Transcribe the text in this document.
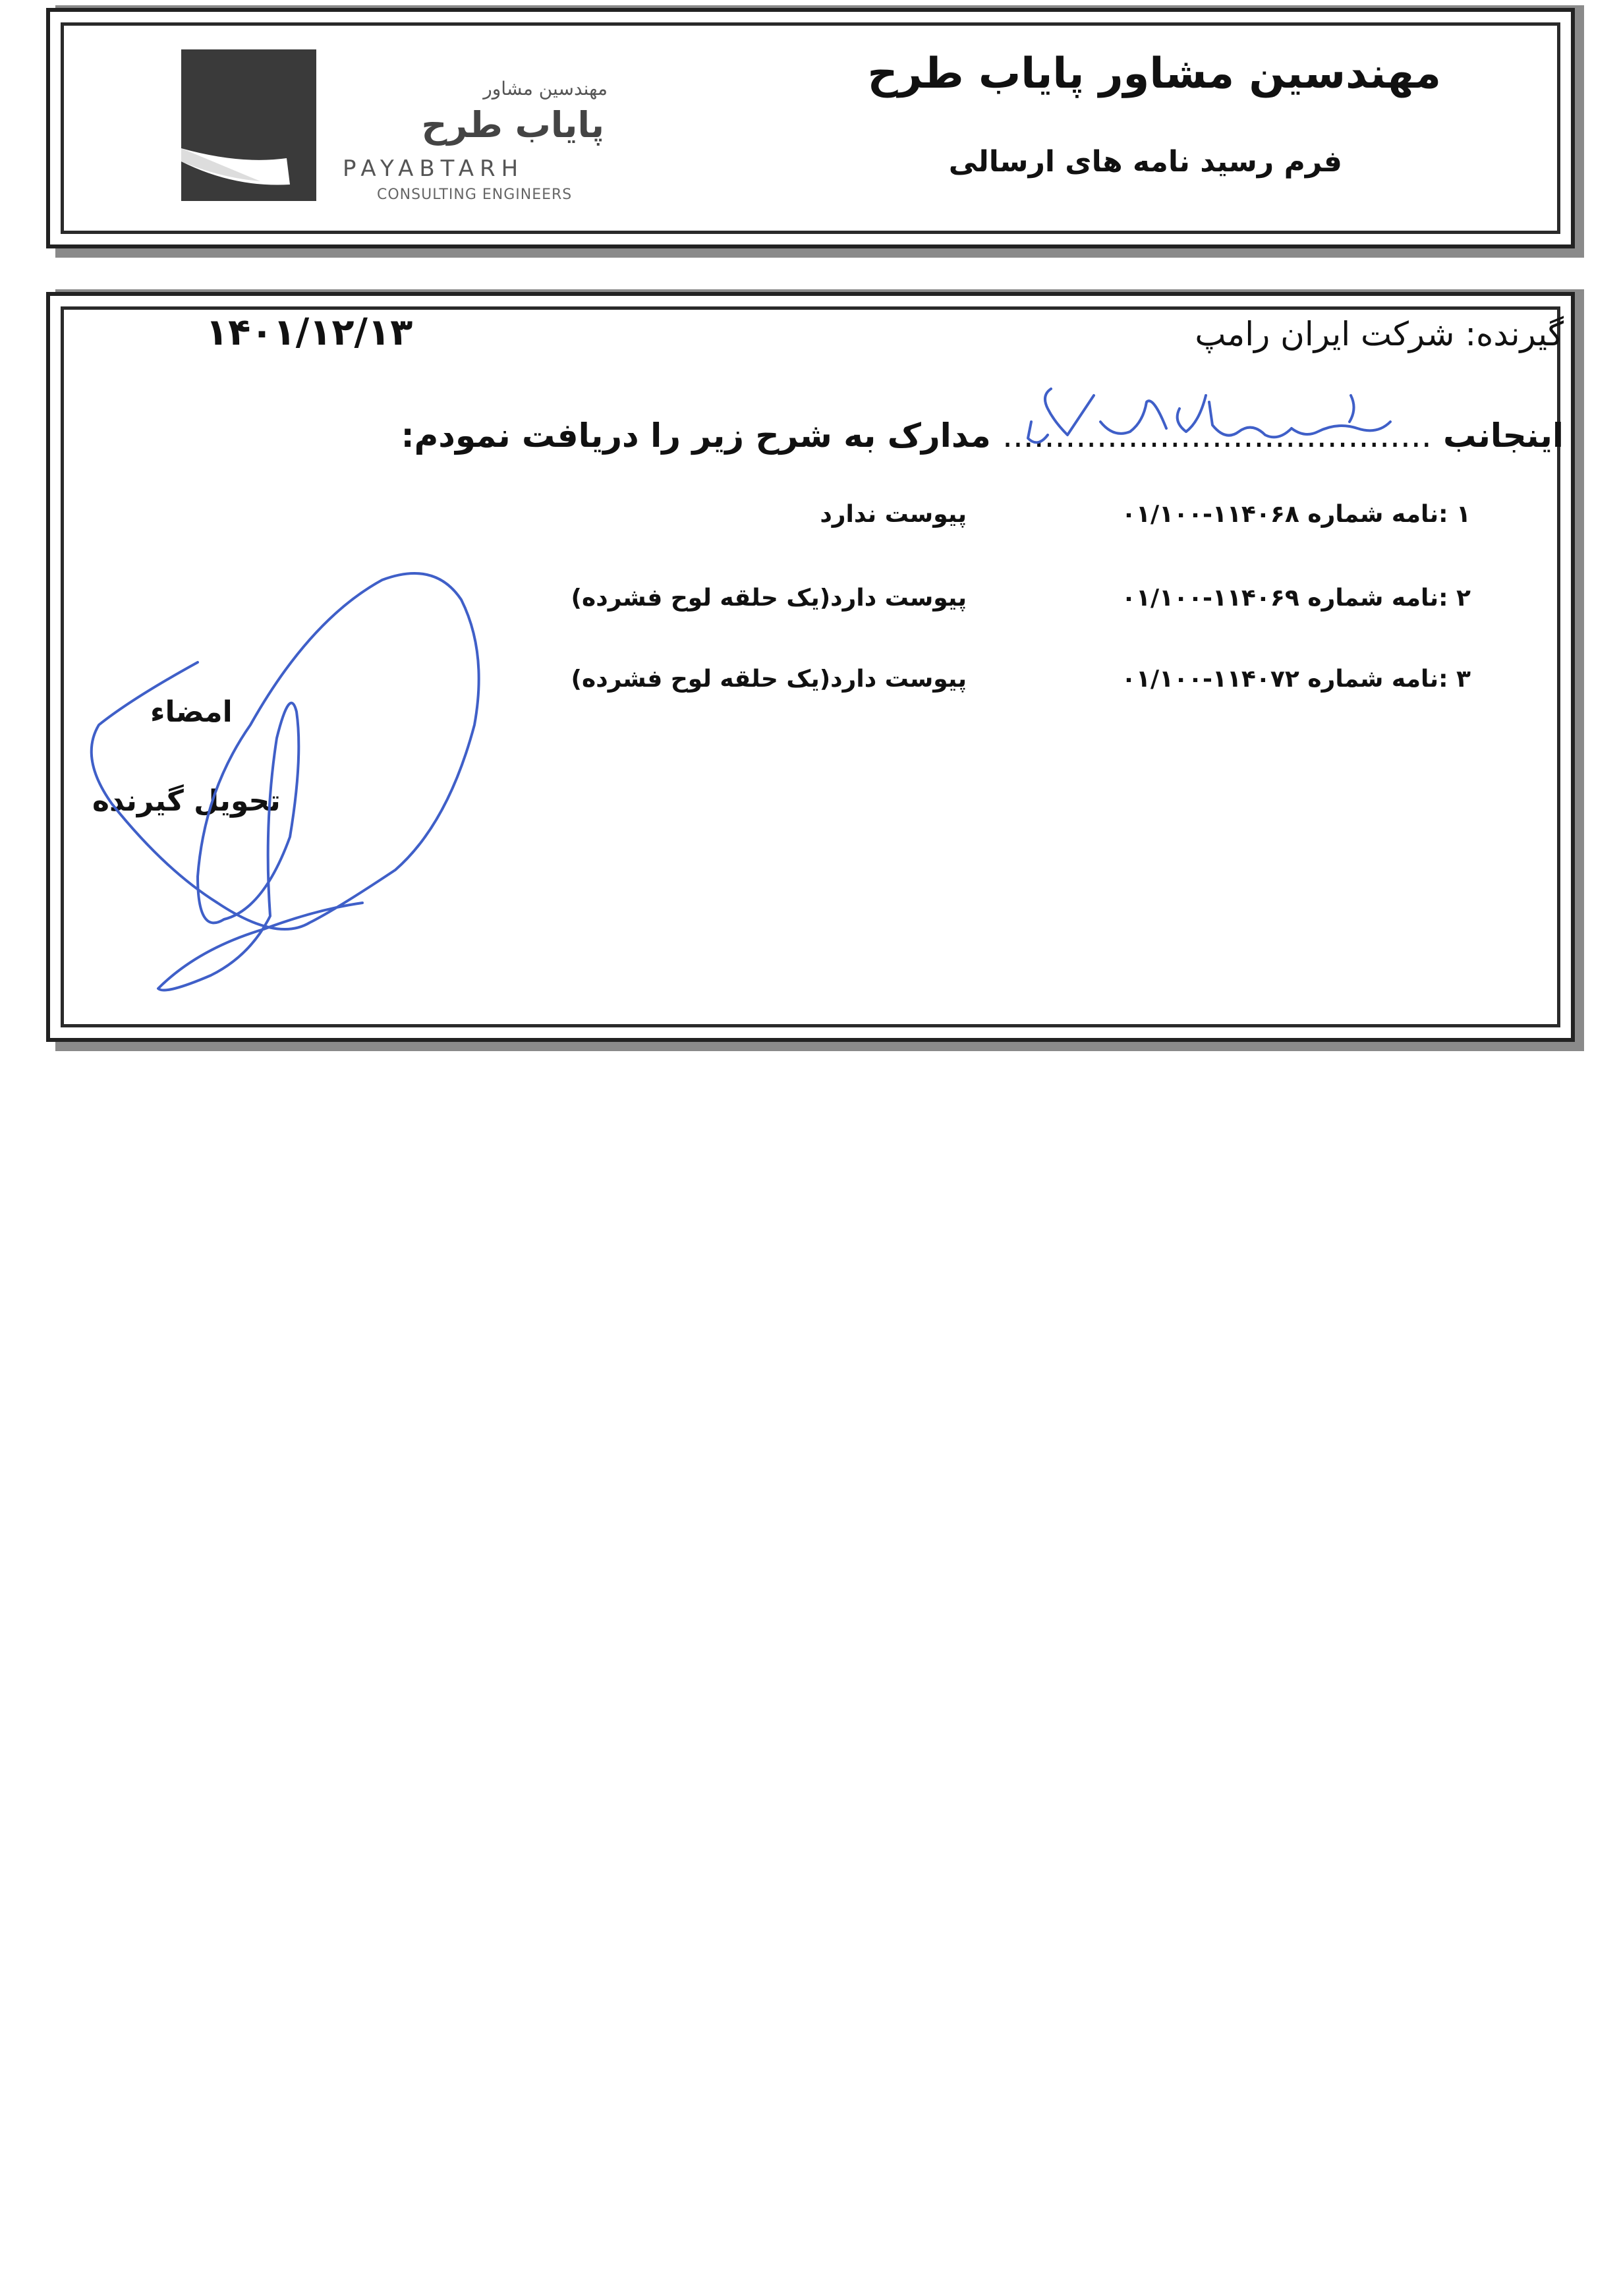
مهندسین مشاور
پایاب طرح
PAYABTARH
CONSULTING ENGINEERS
مهندسین مشاور پایاب طرح
فرم رسید نامه های ارسالی
گیرنده: شرکت ایران رامپ
۱۴۰۱/۱۲/۱۳
اینجانب ......................................... مدارک به شرح زیر را دریافت نمودم:
۱ :نامه شماره ۱۱۴۰۶۸-۰۱/۱۰۰
پیوست ندارد
۲ :نامه شماره ۱۱۴۰۶۹-۰۱/۱۰۰
پیوست دارد(یک حلقه لوح فشرده)
۳ :نامه شماره ۱۱۴۰۷۲-۰۱/۱۰۰
پیوست دارد(یک حلقه لوح فشرده)
امضاء
تحویل گیرنده
